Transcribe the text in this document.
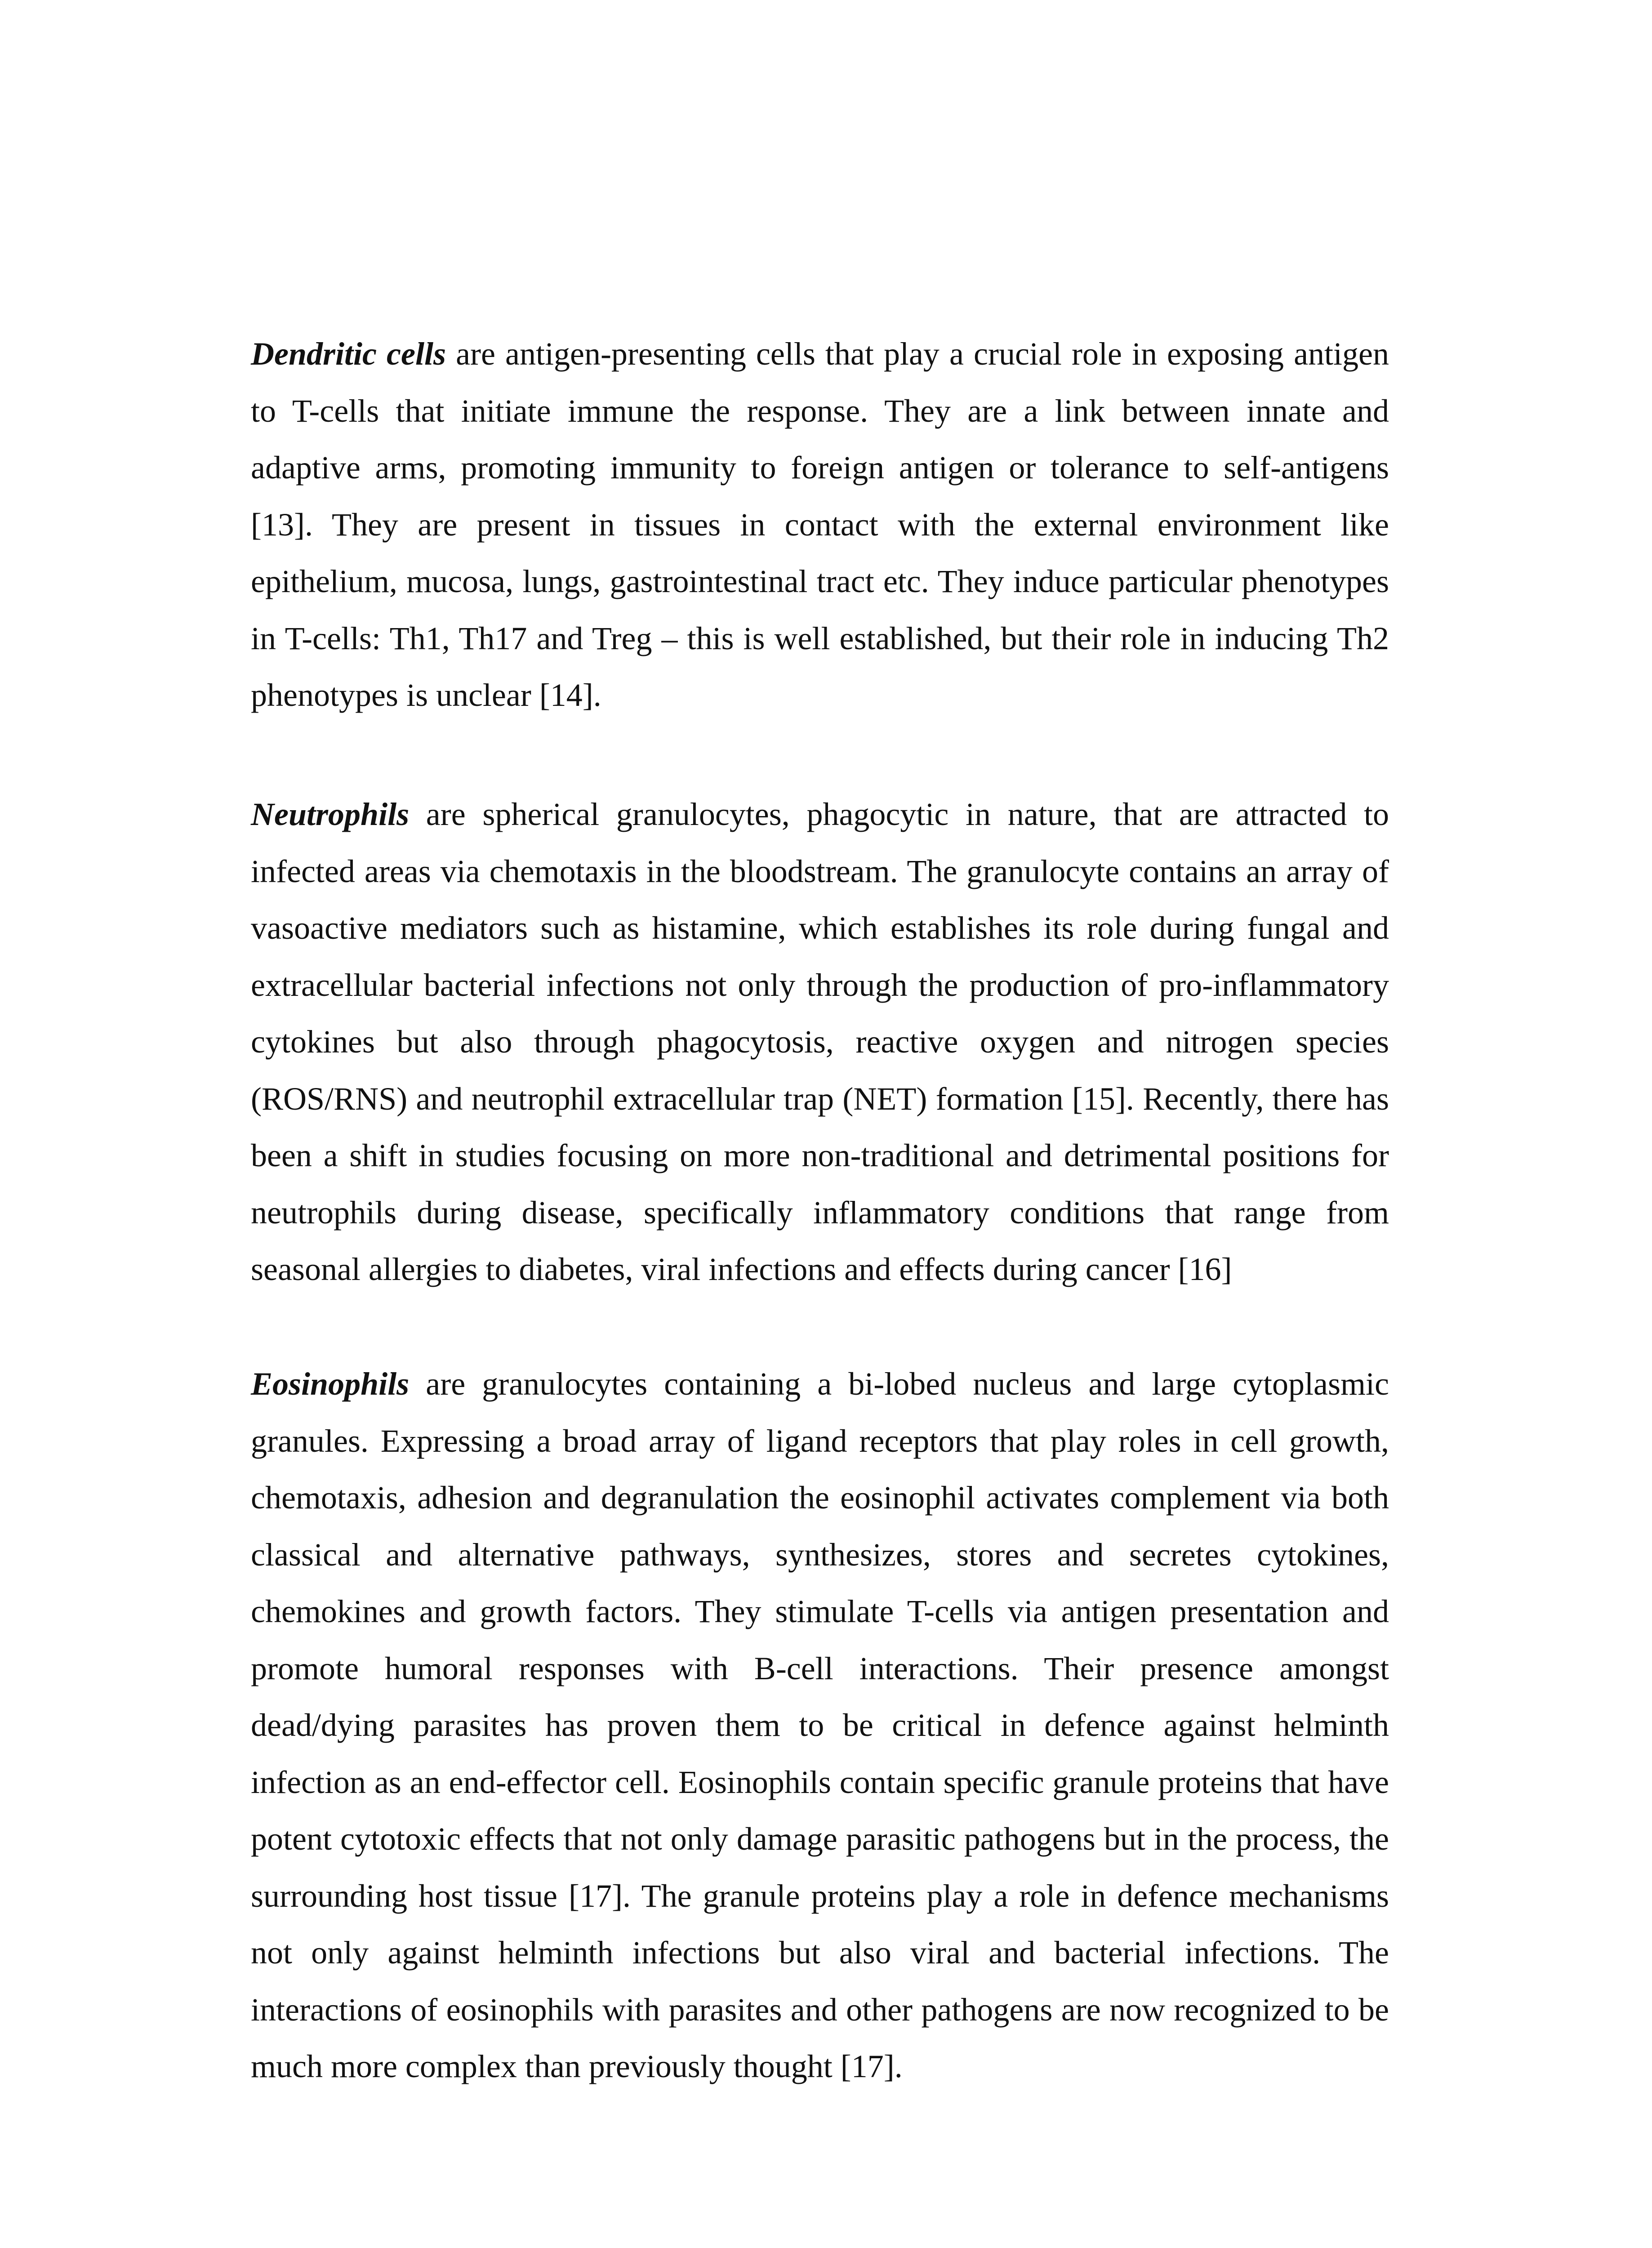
Dendritic cells are antigen-presenting cells that play a crucial role in exposing antigen to T-cells that initiate immune the response. They are a link between innate and adaptive arms, promoting immunity to foreign antigen or tolerance to self-antigens [13]. They are present in tissues in contact with the external environment like epithelium, mucosa, lungs, gastrointestinal tract etc. They induce particular phenotypes in T-cells: Th1, Th17 and Treg – this is well established, but their role in inducing Th2 phenotypes is unclear [14].

Neutrophils are spherical granulocytes, phagocytic in nature, that are attracted to infected areas via chemotaxis in the bloodstream. The granulocyte contains an array of vasoactive mediators such as histamine, which establishes its role during fungal and extracellular bacterial infections not only through the production of pro-inflammatory cytokines but also through phagocytosis, reactive oxygen and nitrogen species (ROS/RNS) and neutrophil extracellular trap (NET) formation [15]. Recently, there has been a shift in studies focusing on more non-traditional and detrimental positions for neutrophils during disease, specifically inflammatory conditions that range from seasonal allergies to diabetes, viral infections and effects during cancer [16]

Eosinophils are granulocytes containing a bi-lobed nucleus and large cytoplasmic granules. Expressing a broad array of ligand receptors that play roles in cell growth, chemotaxis, adhesion and degranulation the eosinophil activates complement via both classical and alternative pathways, synthesizes, stores and secretes cytokines, chemokines and growth factors. They stimulate T-cells via antigen presentation and promote humoral responses with B-cell interactions. Their presence amongst dead/dying parasites has proven them to be critical in defence against helminth infection as an end-effector cell. Eosinophils contain specific granule proteins that have potent cytotoxic effects that not only damage parasitic pathogens but in the process, the surrounding host tissue [17]. The granule proteins play a role in defence mechanisms not only against helminth infections but also viral and bacterial infections. The interactions of eosinophils with parasites and other pathogens are now recognized to be much more complex than previously thought [17].
